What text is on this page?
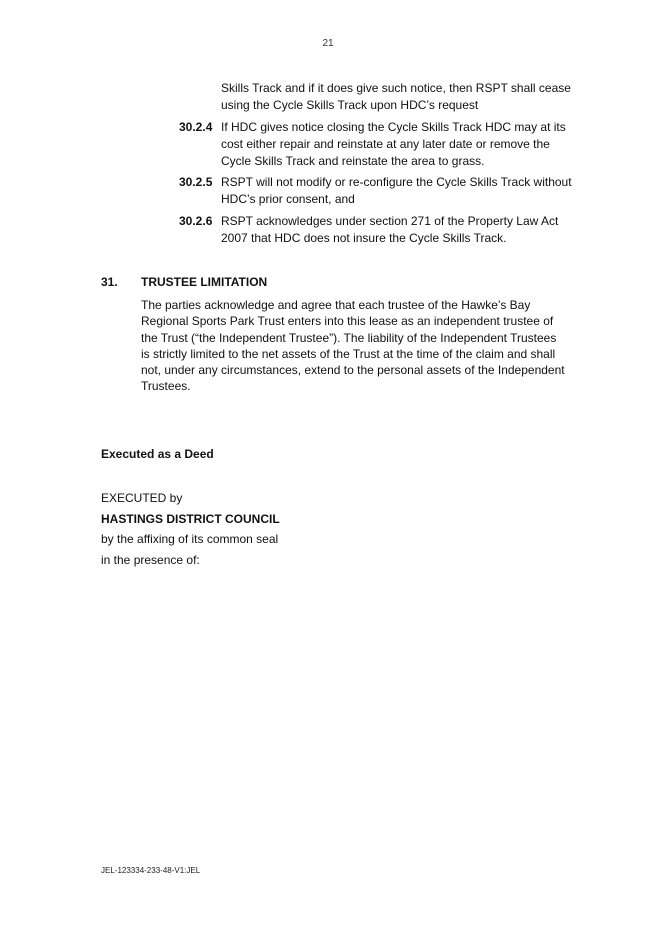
21
Skills Track and if it does give such notice, then RSPT shall cease using the Cycle Skills Track upon HDC’s request
30.2.4 If HDC gives notice closing the Cycle Skills Track HDC may at its cost either repair and reinstate at any later date or remove the Cycle Skills Track and reinstate the area to grass.
30.2.5 RSPT will not modify or re-configure the Cycle Skills Track without HDC’s prior consent, and
30.2.6 RSPT acknowledges under section 271 of the Property Law Act 2007 that HDC does not insure the Cycle Skills Track.
31. TRUSTEE LIMITATION
The parties acknowledge and agree that each trustee of the Hawke’s Bay Regional Sports Park Trust enters into this lease as an independent trustee of the Trust (“the Independent Trustee”). The liability of the Independent Trustees is strictly limited to the net assets of the Trust at the time of the claim and shall not, under any circumstances, extend to the personal assets of the Independent Trustees.
Executed as a Deed
EXECUTED by
HASTINGS DISTRICT COUNCIL
by the affixing of its common seal
in the presence of:
JEL-123334-233-48-V1:JEL
